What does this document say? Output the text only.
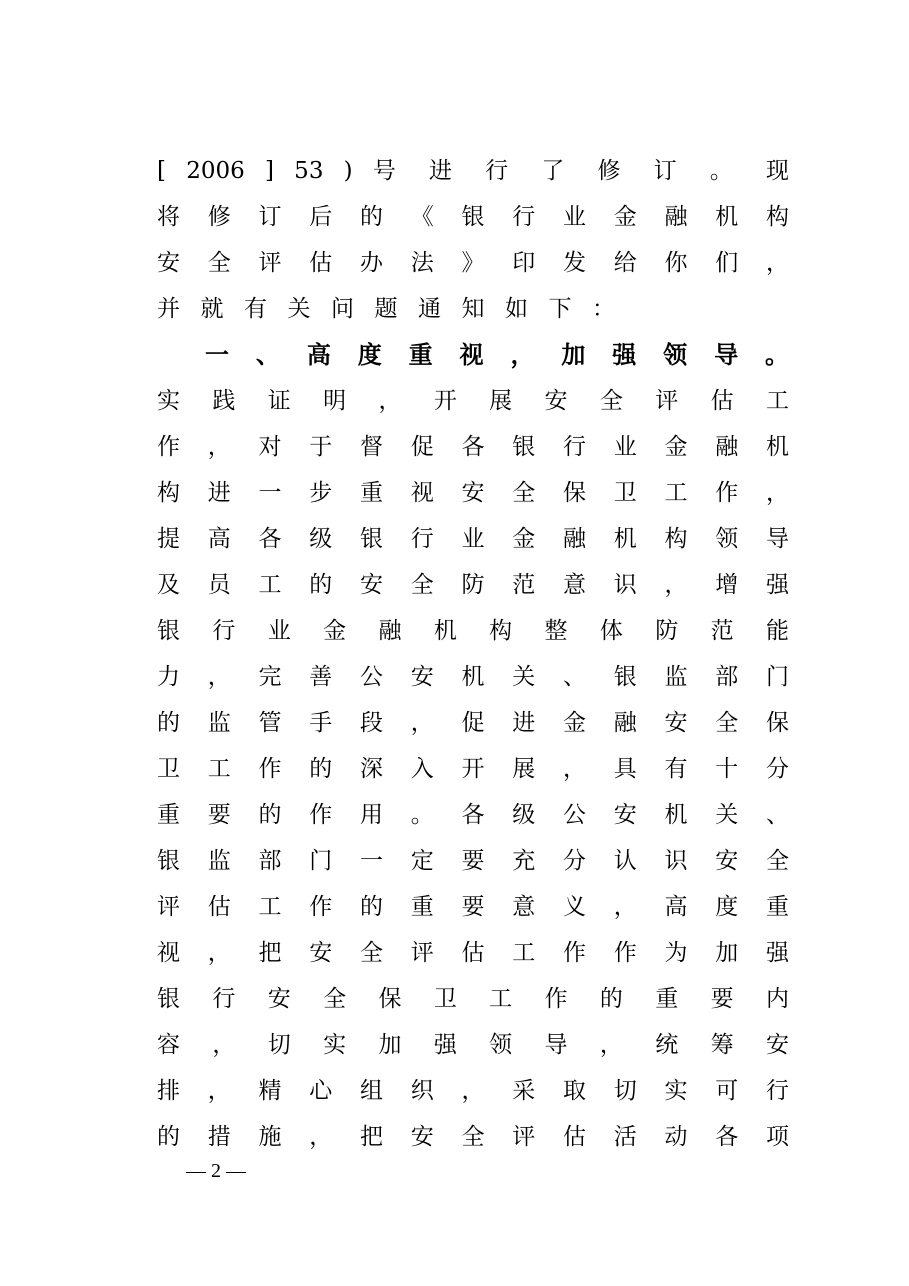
[ 2006 ] 53 ) 号 进 行 了 修 订 。 现
将 修 订 后 的 《 银 行 业 金 融 机 构
安 全 评 估 办 法 》 印 发 给 你 们 ，
并 就 有 关 问 题 通 知 如 下 ：
一 、 高 度 重 视 ， 加 强 领 导 。
实 践 证 明 ， 开 展 安 全 评 估 工
作 ， 对 于 督 促 各 银 行 业 金 融 机
构 进 一 步 重 视 安 全 保 卫 工 作 ，
提 高 各 级 银 行 业 金 融 机 构 领 导
及 员 工 的 安 全 防 范 意 识 ， 增 强
银 行 业 金 融 机 构 整 体 防 范 能
力 ， 完 善 公 安 机 关 、 银 监 部 门
的 监 管 手 段 ， 促 进 金 融 安 全 保
卫 工 作 的 深 入 开 展 ， 具 有 十 分
重 要 的 作 用 。 各 级 公 安 机 关 、
银 监 部 门 一 定 要 充 分 认 识 安 全
评 估 工 作 的 重 要 意 义 ， 高 度 重
视 ， 把 安 全 评 估 工 作 作 为 加 强
银 行 安 全 保 卫 工 作 的 重 要 内
容 ， 切 实 加 强 领 导 ， 统 筹 安
排 ， 精 心 组 织 ， 采 取 切 实 可 行
的 措 施 ， 把 安 全 评 估 活 动 各 项
— 2 —
